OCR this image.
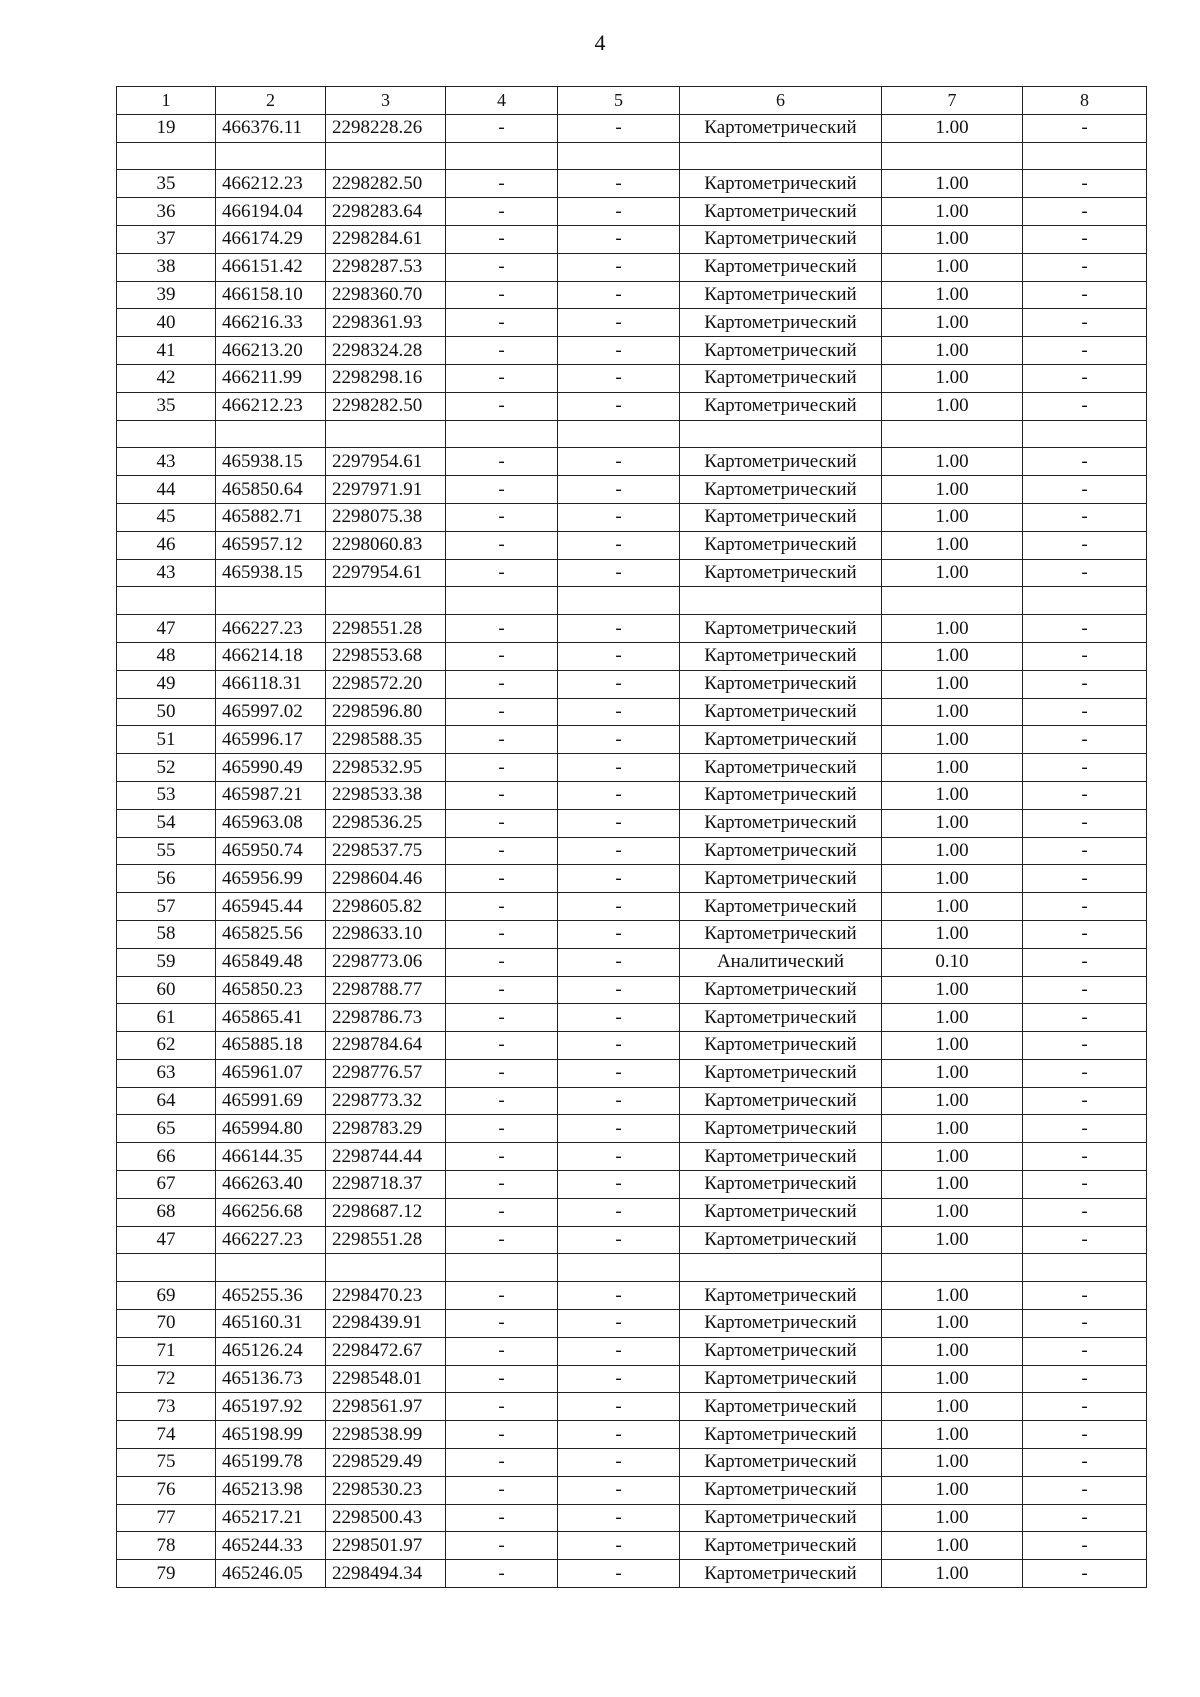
4
1	2	3	4	5	6	7	8
19	466376.11	2298228.26	-	-	Картометрический	1.00	-

35	466212.23	2298282.50	-	-	Картометрический	1.00	-
36	466194.04	2298283.64	-	-	Картометрический	1.00	-
37	466174.29	2298284.61	-	-	Картометрический	1.00	-
38	466151.42	2298287.53	-	-	Картометрический	1.00	-
39	466158.10	2298360.70	-	-	Картометрический	1.00	-
40	466216.33	2298361.93	-	-	Картометрический	1.00	-
41	466213.20	2298324.28	-	-	Картометрический	1.00	-
42	466211.99	2298298.16	-	-	Картометрический	1.00	-
35	466212.23	2298282.50	-	-	Картометрический	1.00	-

43	465938.15	2297954.61	-	-	Картометрический	1.00	-
44	465850.64	2297971.91	-	-	Картометрический	1.00	-
45	465882.71	2298075.38	-	-	Картометрический	1.00	-
46	465957.12	2298060.83	-	-	Картометрический	1.00	-
43	465938.15	2297954.61	-	-	Картометрический	1.00	-

47	466227.23	2298551.28	-	-	Картометрический	1.00	-
48	466214.18	2298553.68	-	-	Картометрический	1.00	-
49	466118.31	2298572.20	-	-	Картометрический	1.00	-
50	465997.02	2298596.80	-	-	Картометрический	1.00	-
51	465996.17	2298588.35	-	-	Картометрический	1.00	-
52	465990.49	2298532.95	-	-	Картометрический	1.00	-
53	465987.21	2298533.38	-	-	Картометрический	1.00	-
54	465963.08	2298536.25	-	-	Картометрический	1.00	-
55	465950.74	2298537.75	-	-	Картометрический	1.00	-
56	465956.99	2298604.46	-	-	Картометрический	1.00	-
57	465945.44	2298605.82	-	-	Картометрический	1.00	-
58	465825.56	2298633.10	-	-	Картометрический	1.00	-
59	465849.48	2298773.06	-	-	Аналитический	0.10	-
60	465850.23	2298788.77	-	-	Картометрический	1.00	-
61	465865.41	2298786.73	-	-	Картометрический	1.00	-
62	465885.18	2298784.64	-	-	Картометрический	1.00	-
63	465961.07	2298776.57	-	-	Картометрический	1.00	-
64	465991.69	2298773.32	-	-	Картометрический	1.00	-
65	465994.80	2298783.29	-	-	Картометрический	1.00	-
66	466144.35	2298744.44	-	-	Картометрический	1.00	-
67	466263.40	2298718.37	-	-	Картометрический	1.00	-
68	466256.68	2298687.12	-	-	Картометрический	1.00	-
47	466227.23	2298551.28	-	-	Картометрический	1.00	-

69	465255.36	2298470.23	-	-	Картометрический	1.00	-
70	465160.31	2298439.91	-	-	Картометрический	1.00	-
71	465126.24	2298472.67	-	-	Картометрический	1.00	-
72	465136.73	2298548.01	-	-	Картометрический	1.00	-
73	465197.92	2298561.97	-	-	Картометрический	1.00	-
74	465198.99	2298538.99	-	-	Картометрический	1.00	-
75	465199.78	2298529.49	-	-	Картометрический	1.00	-
76	465213.98	2298530.23	-	-	Картометрический	1.00	-
77	465217.21	2298500.43	-	-	Картометрический	1.00	-
78	465244.33	2298501.97	-	-	Картометрический	1.00	-
79	465246.05	2298494.34	-	-	Картометрический	1.00	-
